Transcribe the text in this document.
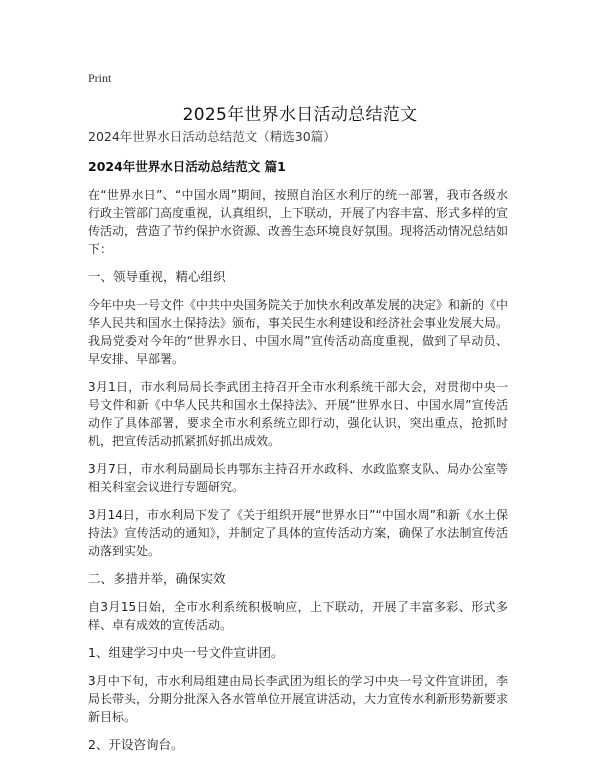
Print
2025年世界水日活动总结范文
2024年世界水日活动总结范文（精选30篇）
2024年世界水日活动总结范文 篇1
在“世界水日”、“中国水周”期间，按照自治区水利厅的统一部署，我市各级水行政主管部门高度重视，认真组织，上下联动，开展了内容丰富、形式多样的宣传活动，营造了节约保护水资源、改善生态环境良好氛围。现将活动情况总结如下：
一、领导重视，精心组织
今年中央一号文件《中共中央国务院关于加快水利改革发展的决定》和新的《中华人民共和国水土保持法》颁布，事关民生水利建设和经济社会事业发展大局。我局党委对今年的“世界水日、中国水周”宣传活动高度重视，做到了早动员、早安排、早部署。
3月1日，市水利局局长李武团主持召开全市水利系统干部大会，对贯彻中央一号文件和新《中华人民共和国水土保持法》、开展“世界水日、中国水周”宣传活动作了具体部署，要求全市水利系统立即行动，强化认识，突出重点，抢抓时机，把宣传活动抓紧抓好抓出成效。
3月7日，市水利局副局长冉鄂东主持召开水政科、水政监察支队、局办公室等相关科室会议进行专题研究。
3月14日，市水利局下发了《关于组织开展“世界水日”“中国水周”和新《水土保持法》宣传活动的通知》，并制定了具体的宣传活动方案，确保了水法制宣传活动落到实处。
二、多措并举，确保实效
自3月15日始，全市水利系统积极响应，上下联动，开展了丰富多彩、形式多样、卓有成效的宣传活动。
1、组建学习中央一号文件宣讲团。
3月中下旬，市水利局组建由局长李武团为组长的学习中央一号文件宣讲团，李局长带头，分期分批深入各水管单位开展宣讲活动，大力宣传水利新形势新要求新目标。
2、开设咨询台。
